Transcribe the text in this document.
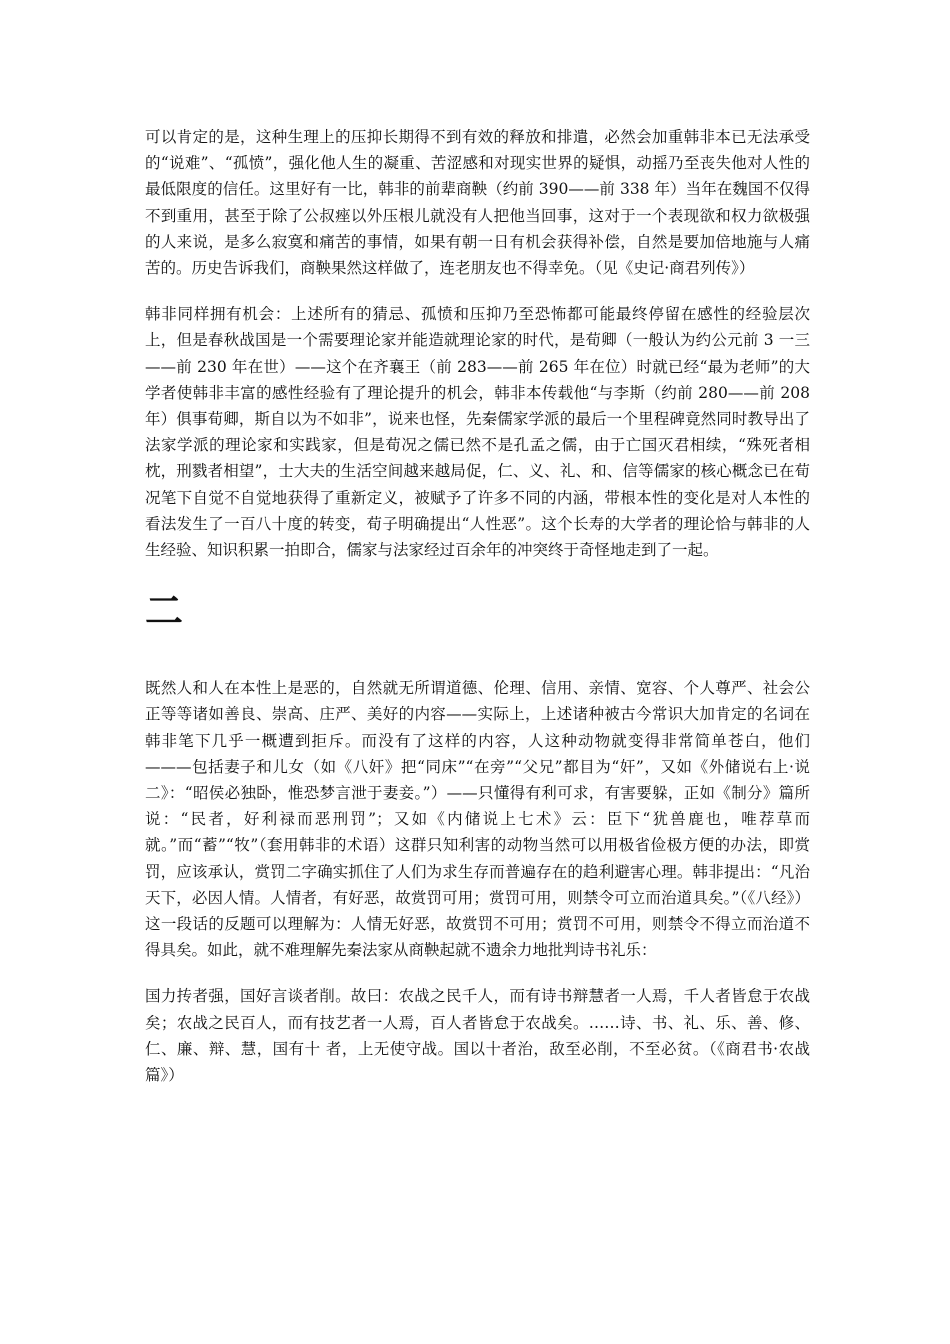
可以肯定的是，这种生理上的压抑长期得不到有效的释放和排遣，必然会加重韩非本已无法承受的“说难”、“孤愤”，强化他人生的凝重、苦涩感和对现实世界的疑惧，动摇乃至丧失他对人性的最低限度的信任。这里好有一比，韩非的前辈商鞅（约前 390——前 338 年）当年在魏国不仅得不到重用，甚至于除了公叔痤以外压根儿就没有人把他当回事，这对于一个表现欲和权力欲极强的人来说，是多么寂寞和痛苦的事情，如果有朝一日有机会获得补偿，自然是要加倍地施与人痛苦的。历史告诉我们，商鞅果然这样做了，连老朋友也不得幸免。（见《史记·商君列传》）

韩非同样拥有机会：上述所有的猜忌、孤愤和压抑乃至恐怖都可能最终停留在感性的经验层次上，但是春秋战国是一个需要理论家并能造就理论家的时代，是荀卿（一般认为约公元前 3 一三——前 230 年在世）——这个在齐襄王（前 283——前 265 年在位）时就已经“最为老师”的大学者使韩非丰富的感性经验有了理论提升的机会，韩非本传载他“与李斯（约前 280——前 208 年）俱事荀卿，斯自以为不如非”，说来也怪，先秦儒家学派的最后一个里程碑竟然同时教导出了法家学派的理论家和实践家，但是荀况之儒已然不是孔孟之儒，由于亡国灭君相续，“殊死者相枕，刑戮者相望”，士大夫的生活空间越来越局促，仁、义、礼、和、信等儒家的核心概念已在荀况笔下自觉不自觉地获得了重新定义，被赋予了许多不同的内涵，带根本性的变化是对人本性的看法发生了一百八十度的转变，荀子明确提出“人性恶”。这个长寿的大学者的理论恰与韩非的人生经验、知识积累一拍即合，儒家与法家经过百余年的冲突终于奇怪地走到了一起。

二

既然人和人在本性上是恶的，自然就无所谓道德、伦理、信用、亲情、宽容、个人尊严、社会公正等等诸如善良、崇高、庄严、美好的内容——实际上，上述诸种被古今常识大加肯定的名词在韩非笔下几乎一概遭到拒斥。而没有了这样的内容，人这种动物就变得非常简单苍白，他们———包括妻子和儿女（如《八奸》把“同床”“在旁”“父兄”都目为“奸”，又如《外储说右上·说二》：“昭侯必独卧，惟恐梦言泄于妻妾。”）——只懂得有利可求，有害要躲，正如《制分》篇所说：“民者，好利禄而恶刑罚”；又如《内储说上七术》云：臣下“犹兽鹿也，唯荐草而就。”而“蓄”“牧”（套用韩非的术语）这群只知利害的动物当然可以用极省俭极方便的办法，即赏罚，应该承认，赏罚二字确实抓住了人们为求生存而普遍存在的趋利避害心理。韩非提出：“凡治天下，必因人情。人情者，有好恶，故赏罚可用；赏罚可用，则禁令可立而治道具矣。”（《八经》）这一段话的反题可以理解为：人情无好恶，故赏罚不可用；赏罚不可用，则禁令不得立而治道不得具矣。如此，就不难理解先秦法家从商鞅起就不遗余力地批判诗书礼乐：

国力抟者强，国好言谈者削。故曰：农战之民千人，而有诗书辩慧者一人焉，千人者皆怠于农战矣；农战之民百人，而有技艺者一人焉，百人者皆怠于农战矣。……诗、书、礼、乐、善、修、仁、廉、辩、慧，国有十 者，上无使守战。国以十者治，敌至必削，不至必贫。（《商君书·农战篇》）
